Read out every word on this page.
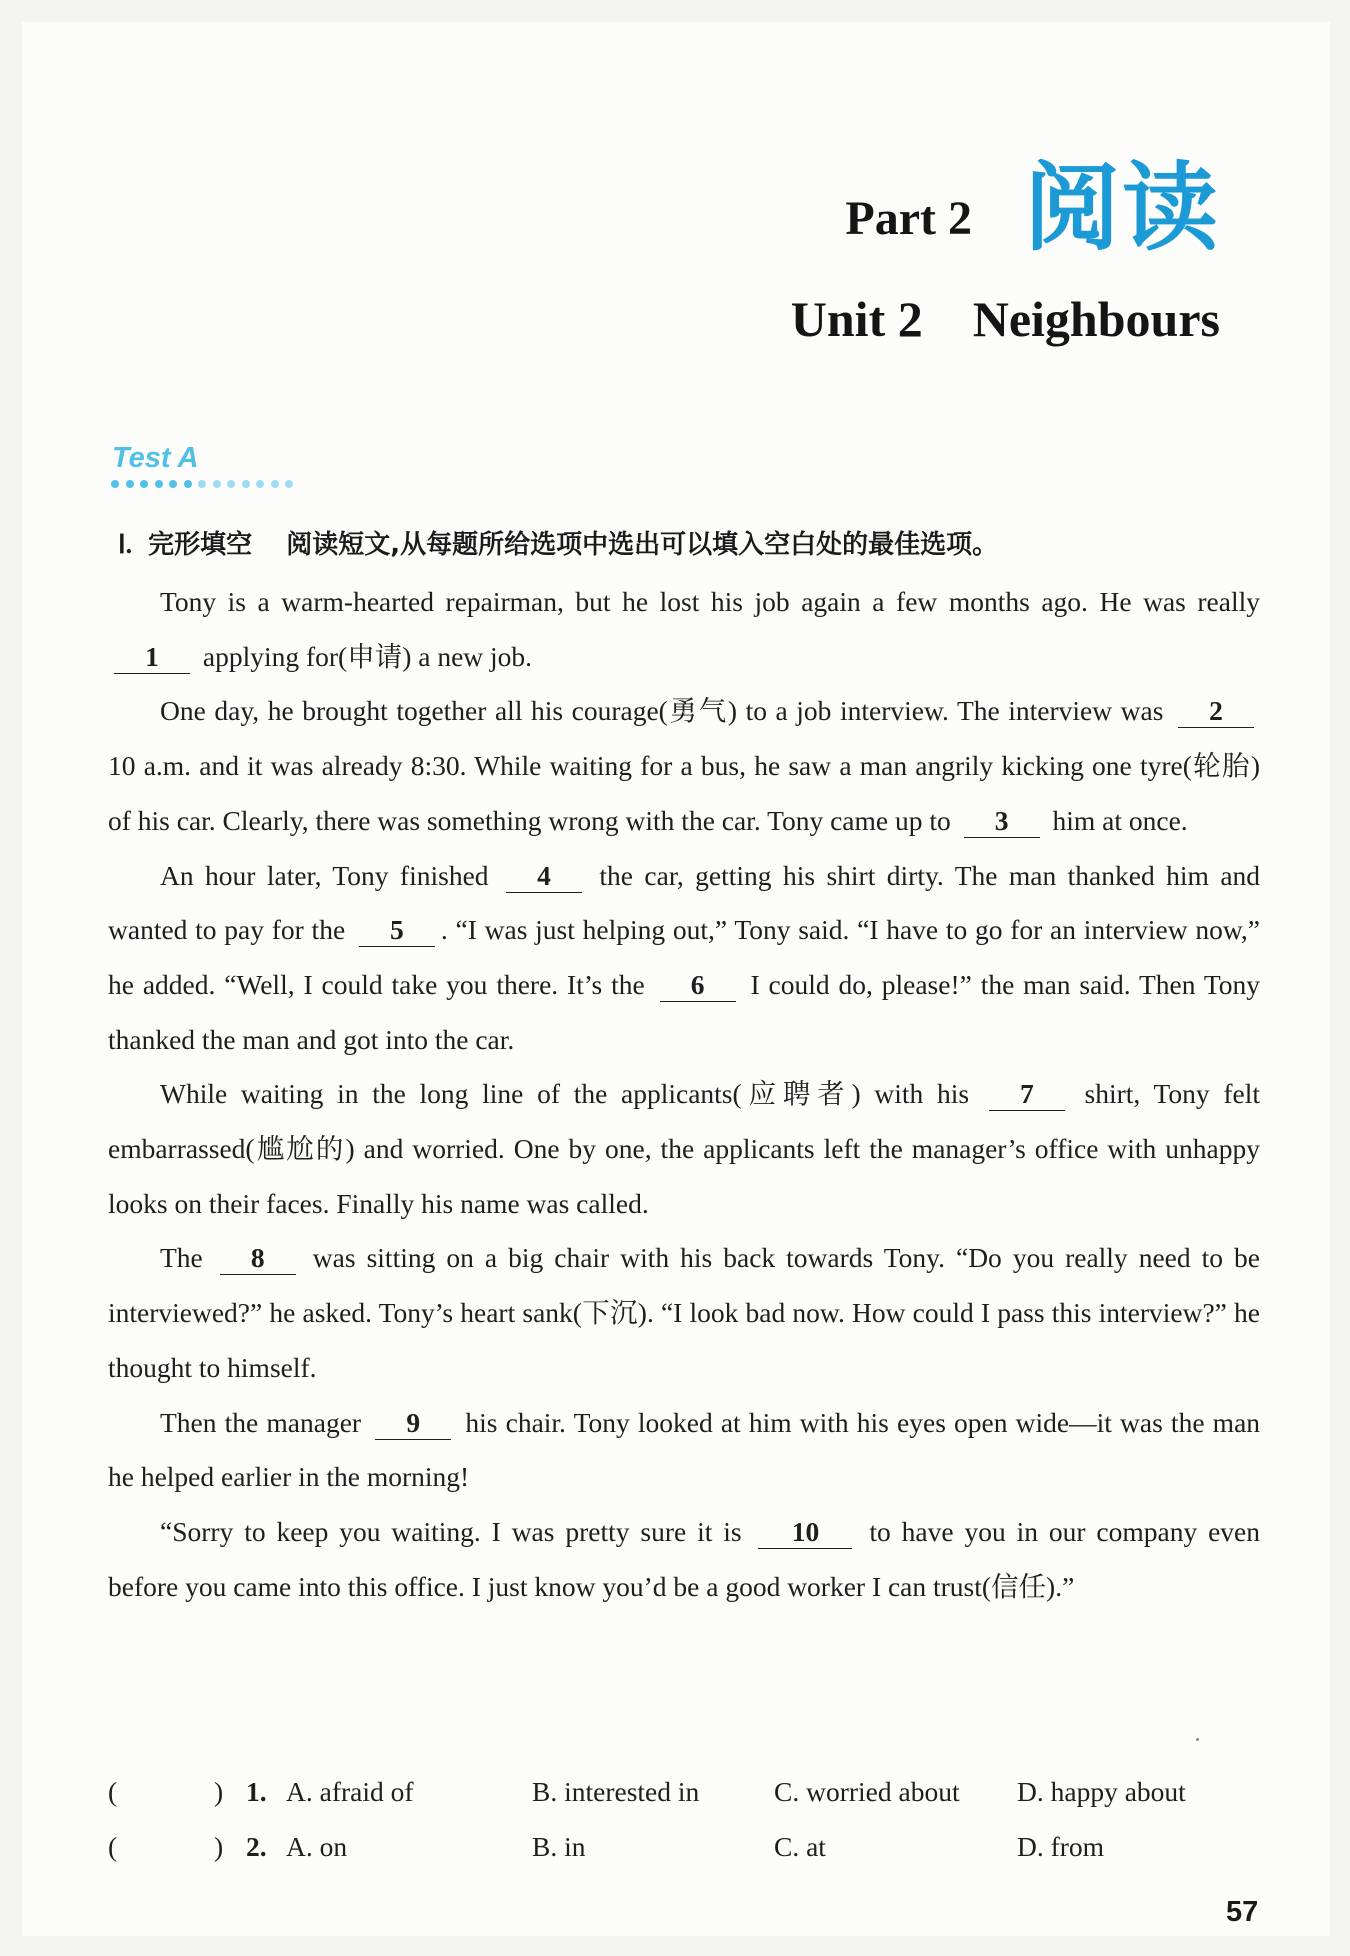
Part 2 阅读
Unit 2    Neighbours
Test A
Ⅰ. 完形填空 阅读短文,从每题所给选项中选出可以填入空白处的最佳选项。

Tony is a warm-hearted repairman, but he lost his job again a few months ago. He was really 1 applying for(申请) a new job.

One day, he brought together all his courage(勇气) to a job interview. The interview was 2 10 a.m. and it was already 8:30. While waiting for a bus, he saw a man angrily kicking one tyre(轮胎) of his car. Clearly, there was something wrong with the car. Tony came up to 3 him at once.

An hour later, Tony finished 4 the car, getting his shirt dirty. The man thanked him and wanted to pay for the 5 . “I was just helping out,” Tony said. “I have to go for an interview now,” he added. “Well, I could take you there. It’s the 6 I could do, please!” the man said. Then Tony thanked the man and got into the car.

While waiting in the long line of the applicants(应聘者) with his 7 shirt, Tony felt embarrassed(尴尬的) and worried. One by one, the applicants left the manager’s office with unhappy looks on their faces. Finally his name was called.

The 8 was sitting on a big chair with his back towards Tony. “Do you really need to be interviewed?” he asked. Tony’s heart sank(下沉). “I look bad now. How could I pass this interview?” he thought to himself.

Then the manager 9 his chair. Tony looked at him with his eyes open wide—it was the man he helped earlier in the morning!

“Sorry to keep you waiting. I was pretty sure it is 10 to have you in our company even before you came into this office. I just know you’d be a good worker I can trust(信任).”

(	) 1. A. afraid of	B. interested in	C. worried about D. happy about
(	) 2. A. on	B. in	C. at	D. from
57
